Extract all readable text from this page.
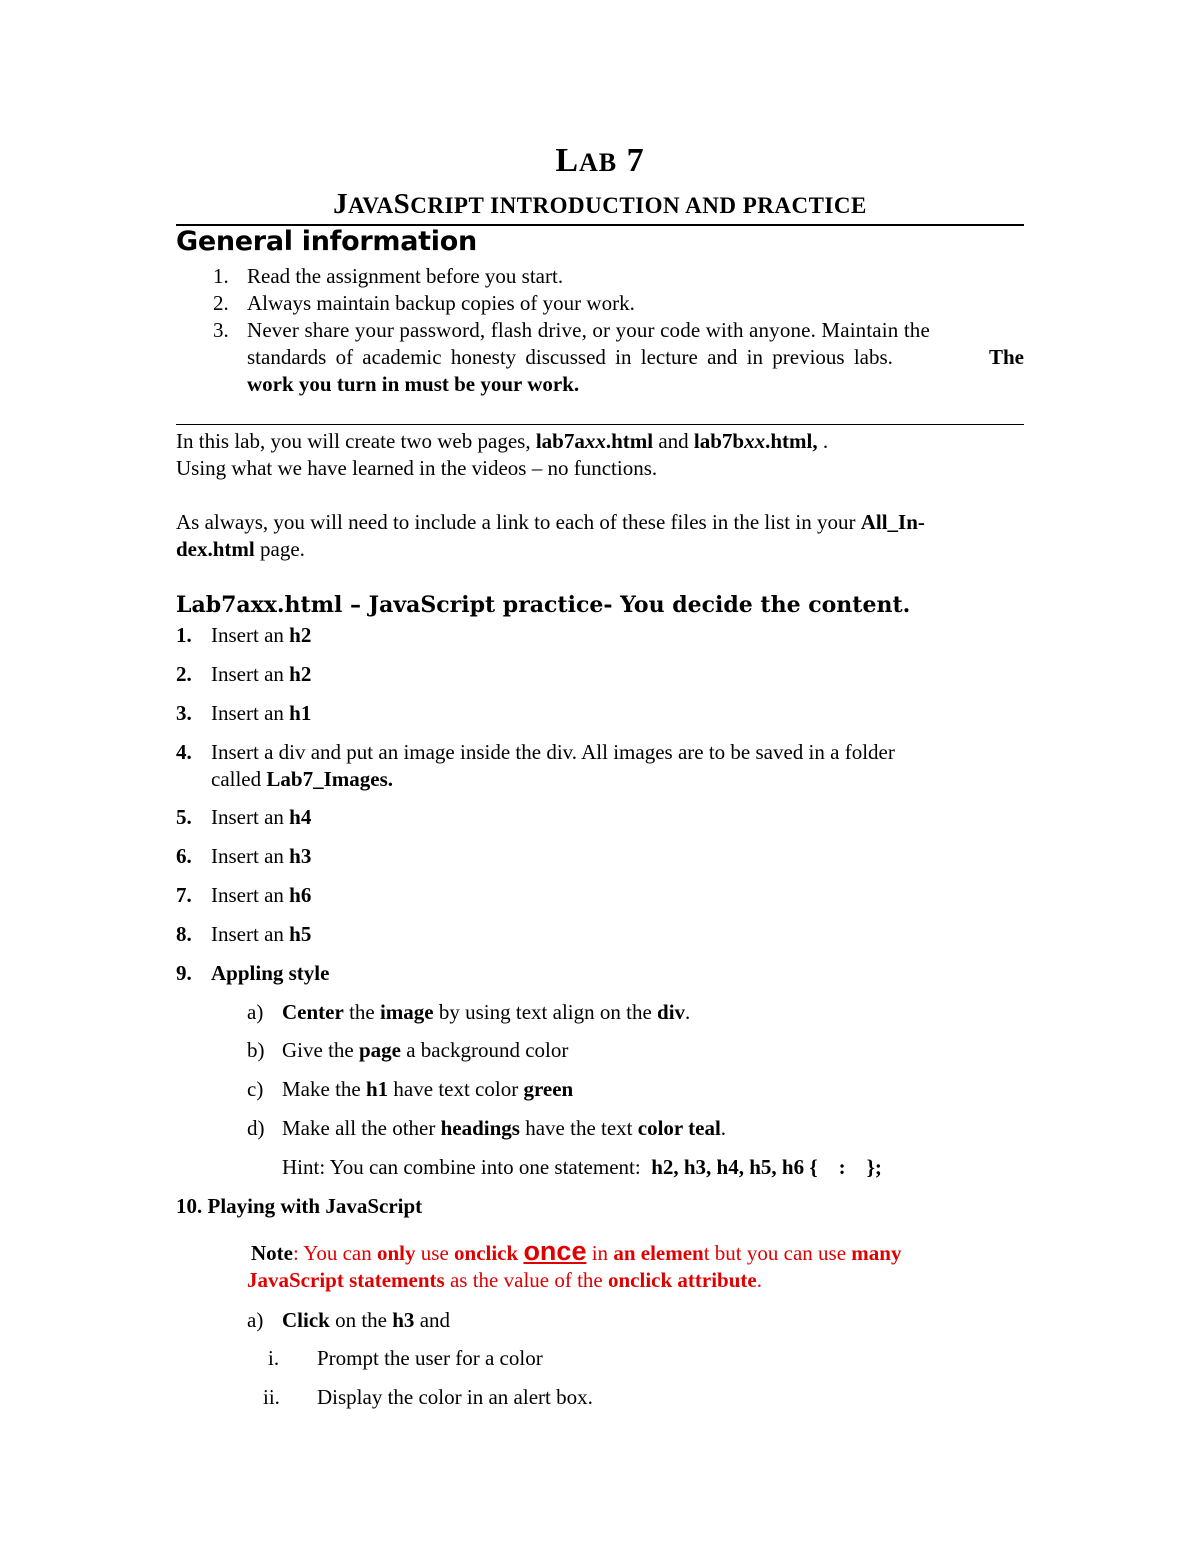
LAB 7
JAVASCRIPT INTRODUCTION AND PRACTICE
General information
1. Read the assignment before you start.
2. Always maintain backup copies of your work.
3. Never share your password, flash drive, or your code with anyone. Maintain the
standards of academic honesty discussed in lecture and in previous labs.	The
work you turn in must be your work.
In this lab, you will create two web pages, lab7axx.html and lab7bxx.html, .
Using what we have learned in the videos – no functions.
As always, you will need to include a link to each of these files in the list in your All_In-
dex.html page.
Lab7axx.html – JavaScript practice- You decide the content.
1. Insert an h2
2. Insert an h2
3. Insert an h1
4. Insert a div and put an image inside the div. All images are to be saved in a folder
called Lab7_Images.
5. Insert an h4
6. Insert an h3
7. Insert an h6
8. Insert an h5
9. Appling style
a) Center the image by using text align on the div.
b) Give the page a background color
c) Make the h1 have text color green
d) Make all the other headings have the text color teal.
Hint: You can combine into one statement:  h2, h3, h4, h5, h6 {    :    };
10. Playing with JavaScript
Note: You can only use onclick once in an element but you can use many
JavaScript statements as the value of the onclick attribute.
a) Click on the h3 and
i. Prompt the user for a color
ii. Display the color in an alert box.
